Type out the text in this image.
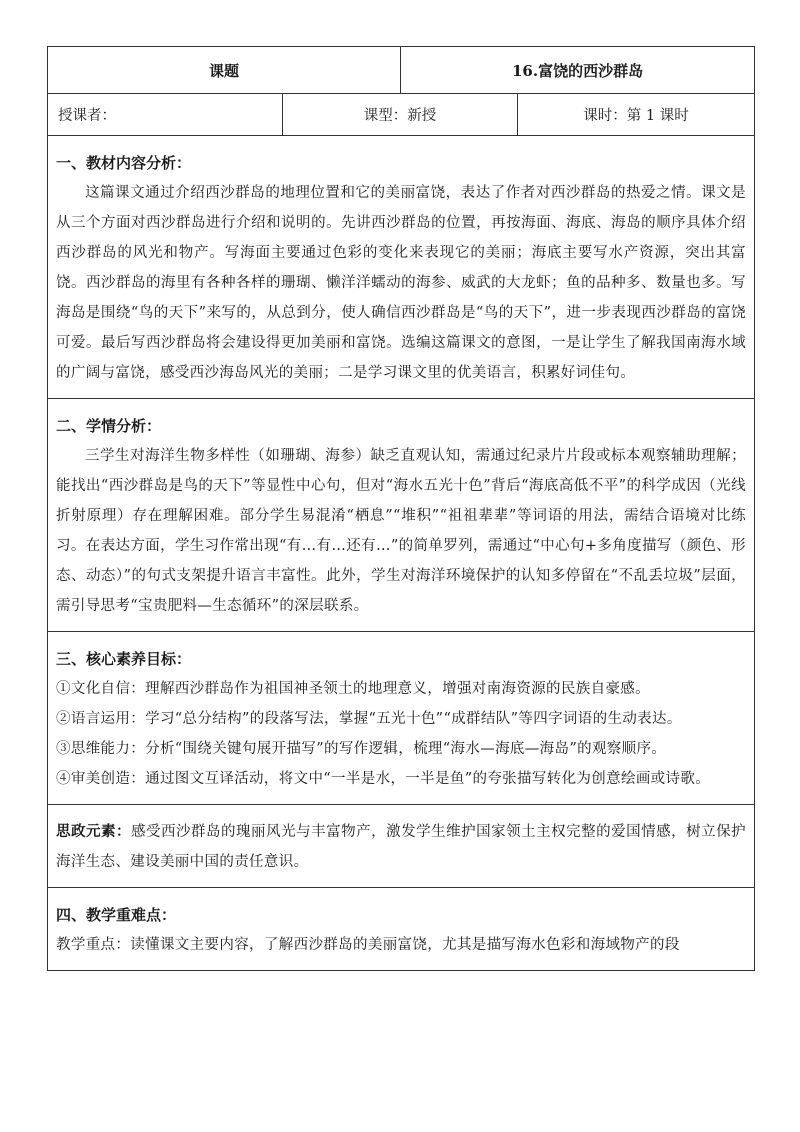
课题		16.富饶的西沙群岛	
授课者：	课型：新授		课时：第 1 课时

一、教材内容分析：
这篇课文通过介绍西沙群岛的地理位置和它的美丽富饶，表达了作者对西沙群岛的热爱之情。课文是从三个方面对西沙群岛进行介绍和说明的。先讲西沙群岛的位置，再按海面、海底、海岛的顺序具体介绍西沙群岛的风光和物产。写海面主要通过色彩的变化来表现它的美丽；海底主要写水产资源，突出其富饶。西沙群岛的海里有各种各样的珊瑚、懒洋洋蠕动的海参、威武的大龙虾；鱼的品种多、数量也多。写海岛是围绕“鸟的天下”来写的，从总到分，使人确信西沙群岛是“鸟的天下”，进一步表现西沙群岛的富饶可爱。最后写西沙群岛将会建设得更加美丽和富饶。选编这篇课文的意图，一是让学生了解我国南海水域的广阔与富饶，感受西沙海岛风光的美丽；二是学习课文里的优美语言，积累好词佳句。			

二、学情分析：
三学生对海洋生物多样性（如珊瑚、海参）缺乏直观认知，需通过纪录片片段或标本观察辅助理解；能找出“西沙群岛是鸟的天下”等显性中心句，但对“海水五光十色”背后“海底高低不平”的科学成因（光线折射原理）存在理解困难。部分学生易混淆“栖息”“堆积”“祖祖辈辈”等词语的用法，需结合语境对比练习。在表达方面，学生习作常出现“有…有…还有…”的简单罗列，需通过“中心句+多角度描写（颜色、形态、动态）”的句式支架提升语言丰富性。此外，学生对海洋环境保护的认知多停留在“不乱丢垃圾”层面，需引导思考“宝贵肥料—生态循环”的深层联系。			

三、核心素养目标：
①文化自信：理解西沙群岛作为祖国神圣领土的地理意义，增强对南海资源的民族自豪感。
②语言运用：学习“总分结构”的段落写法，掌握“五光十色”“成群结队”等四字词语的生动表达。
③思维能力：分析“围绕关键句展开描写”的写作逻辑，梳理“海水—海底—海岛”的观察顺序。
④审美创造：通过图文互译活动，将文中“一半是水，一半是鱼”的夸张描写转化为创意绘画或诗歌。			

思政元素：感受西沙群岛的瑰丽风光与丰富物产，激发学生维护国家领土主权完整的爱国情感，树立保护海洋生态、建设美丽中国的责任意识。			

四、教学重难点：
教学重点：读懂课文主要内容，了解西沙群岛的美丽富饶，尤其是描写海水色彩和海域物产的段			
